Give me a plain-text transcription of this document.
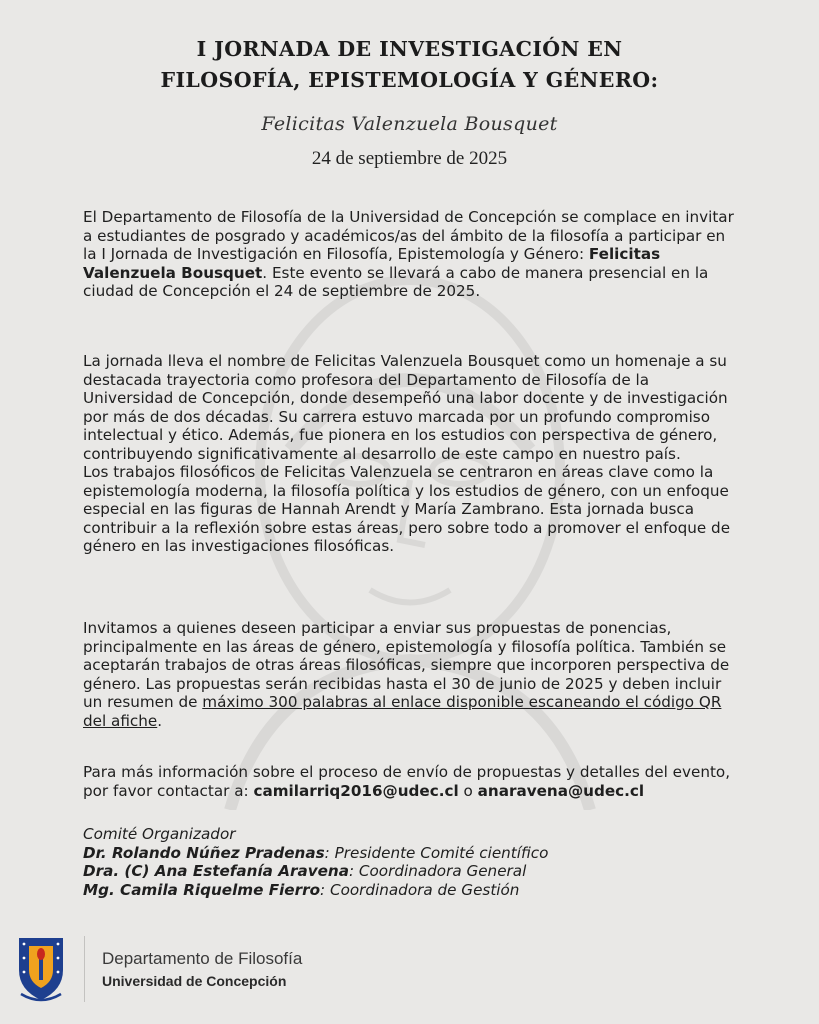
I JORNADA DE INVESTIGACIÓN EN
FILOSOFÍA, EPISTEMOLOGÍA Y GÉNERO:
Felicitas Valenzuela Bousquet
24 de septiembre de 2025
El Departamento de Filosofía de la Universidad de Concepción se complace en invitar a estudiantes de posgrado y académicos/as del ámbito de la filosofía a participar en la I Jornada de Investigación en Filosofía, Epistemología y Género: Felicitas Valenzuela Bousquet. Este evento se llevará a cabo de manera presencial en la ciudad de Concepción el 24 de septiembre de 2025.
La jornada lleva el nombre de Felicitas Valenzuela Bousquet como un homenaje a su destacada trayectoria como profesora del Departamento de Filosofía de la Universidad de Concepción, donde desempeñó una labor docente y de investigación por más de dos décadas. Su carrera estuvo marcada por un profundo compromiso intelectual y ético. Además, fue pionera en los estudios con perspectiva de género, contribuyendo significativamente al desarrollo de este campo en nuestro país.
Los trabajos filosóficos de Felicitas Valenzuela se centraron en áreas clave como la epistemología moderna, la filosofía política y los estudios de género, con un enfoque especial en las figuras de Hannah Arendt y María Zambrano. Esta jornada busca contribuir a la reflexión sobre estas áreas, pero sobre todo a promover el enfoque de género en las investigaciones filosóficas.
Invitamos a quienes deseen participar a enviar sus propuestas de ponencias, principalmente en las áreas de género, epistemología y filosofía política. También se aceptarán trabajos de otras áreas filosóficas, siempre que incorporen perspectiva de género. Las propuestas serán recibidas hasta el 30 de junio de 2025 y deben incluir un resumen de máximo 300 palabras al enlace disponible escaneando el código QR del afiche.
Para más información sobre el proceso de envío de propuestas y detalles del evento, por favor contactar a: camilarriq2016@udec.cl o anaravena@udec.cl
Comité Organizador
Dr. Rolando Núñez Pradenas: Presidente Comité científico
Dra. (C) Ana Estefanía Aravena: Coordinadora General
Mg. Camila Riquelme Fierro: Coordinadora de Gestión
Departamento de Filosofía
Universidad de Concepción
